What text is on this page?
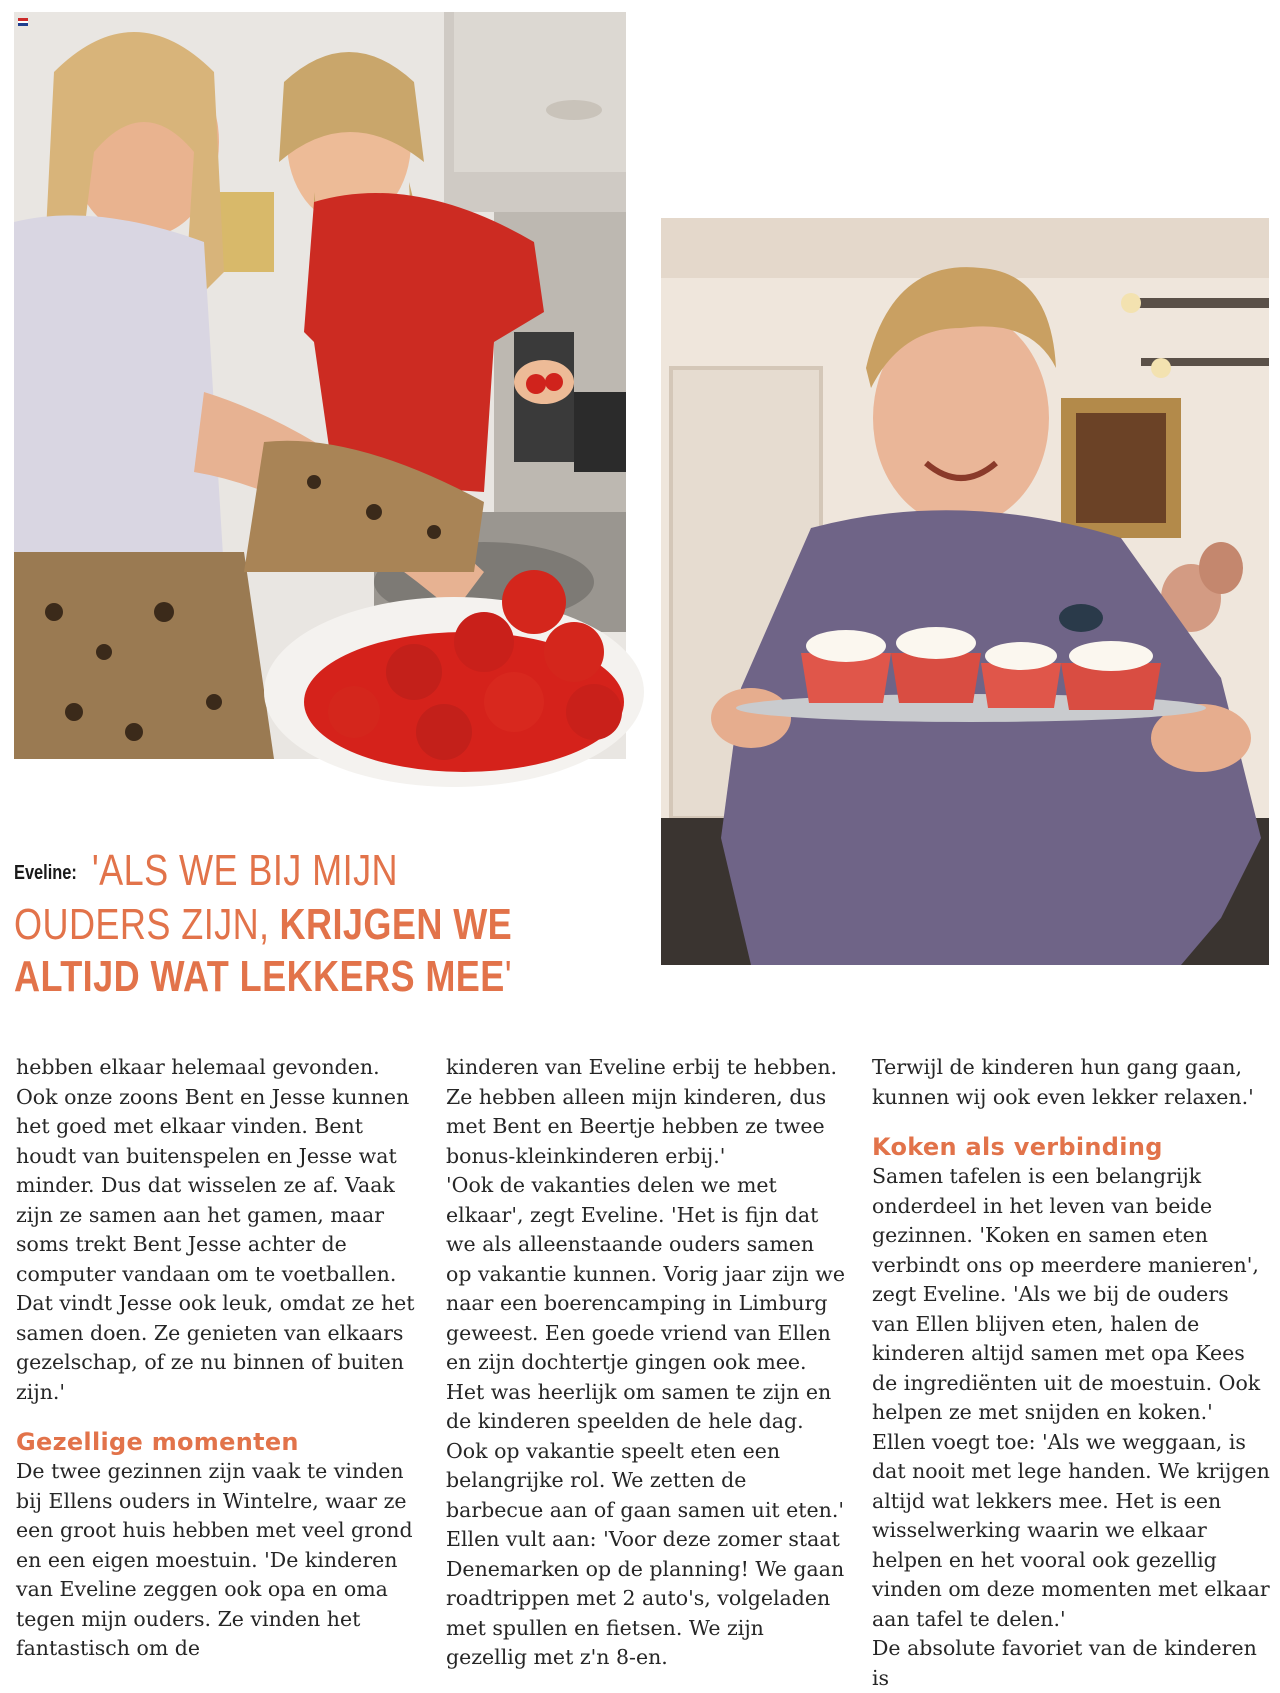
Eveline: 'ALS WE BIJ MIJN OUDERS ZIJN, KRIJGEN WE ALTIJD WAT LEKKERS MEE'

hebben elkaar helemaal gevonden. Ook onze zoons Bent en Jesse kunnen het goed met elkaar vinden. Bent houdt van buitenspelen en Jesse wat minder. Dus dat wisselen ze af. Vaak zijn ze samen aan het gamen, maar soms trekt Bent Jesse achter de computer vandaan om te voetballen. Dat vindt Jesse ook leuk, omdat ze het samen doen. Ze genieten van elkaars gezelschap, of ze nu binnen of buiten zijn.'

Gezellige momenten

De twee gezinnen zijn vaak te vinden bij Ellens ouders in Wintelre, waar ze een groot huis hebben met veel grond en een eigen moestuin. 'De kinderen van Eveline zeggen ook opa en oma tegen mijn ouders. Ze vinden het fantastisch om de

kinderen van Eveline erbij te hebben. Ze hebben alleen mijn kinderen, dus met Bent en Beertje hebben ze twee bonus-kleinkinderen erbij.'

'Ook de vakanties delen we met elkaar', zegt Eveline. 'Het is fijn dat we als alleenstaande ouders samen op vakantie kunnen. Vorig jaar zijn we naar een boerencamping in Limburg geweest. Een goede vriend van Ellen en zijn dochtertje gingen ook mee. Het was heerlijk om samen te zijn en de kinderen speelden de hele dag. Ook op vakantie speelt eten een belangrijke rol. We zetten de barbecue aan of gaan samen uit eten.' Ellen vult aan: 'Voor deze zomer staat Denemarken op de planning! We gaan roadtrippen met 2 auto's, volgeladen met spullen en fietsen. We zijn gezellig met z'n 8-en.

Terwijl de kinderen hun gang gaan, kunnen wij ook even lekker relaxen.'

Koken als verbinding

Samen tafelen is een belangrijk onderdeel in het leven van beide gezinnen. 'Koken en samen eten verbindt ons op meerdere manieren', zegt Eveline. 'Als we bij de ouders van Ellen blijven eten, halen de kinderen altijd samen met opa Kees de ingrediënten uit de moestuin. Ook helpen ze met snijden en koken.' Ellen voegt toe: 'Als we weggaan, is dat nooit met lege handen. We krijgen altijd wat lekkers mee. Het is een wisselwerking waarin we elkaar helpen en het vooral ook gezellig vinden om deze momenten met elkaar aan tafel te delen.'

De absolute favoriet van de kinderen is
